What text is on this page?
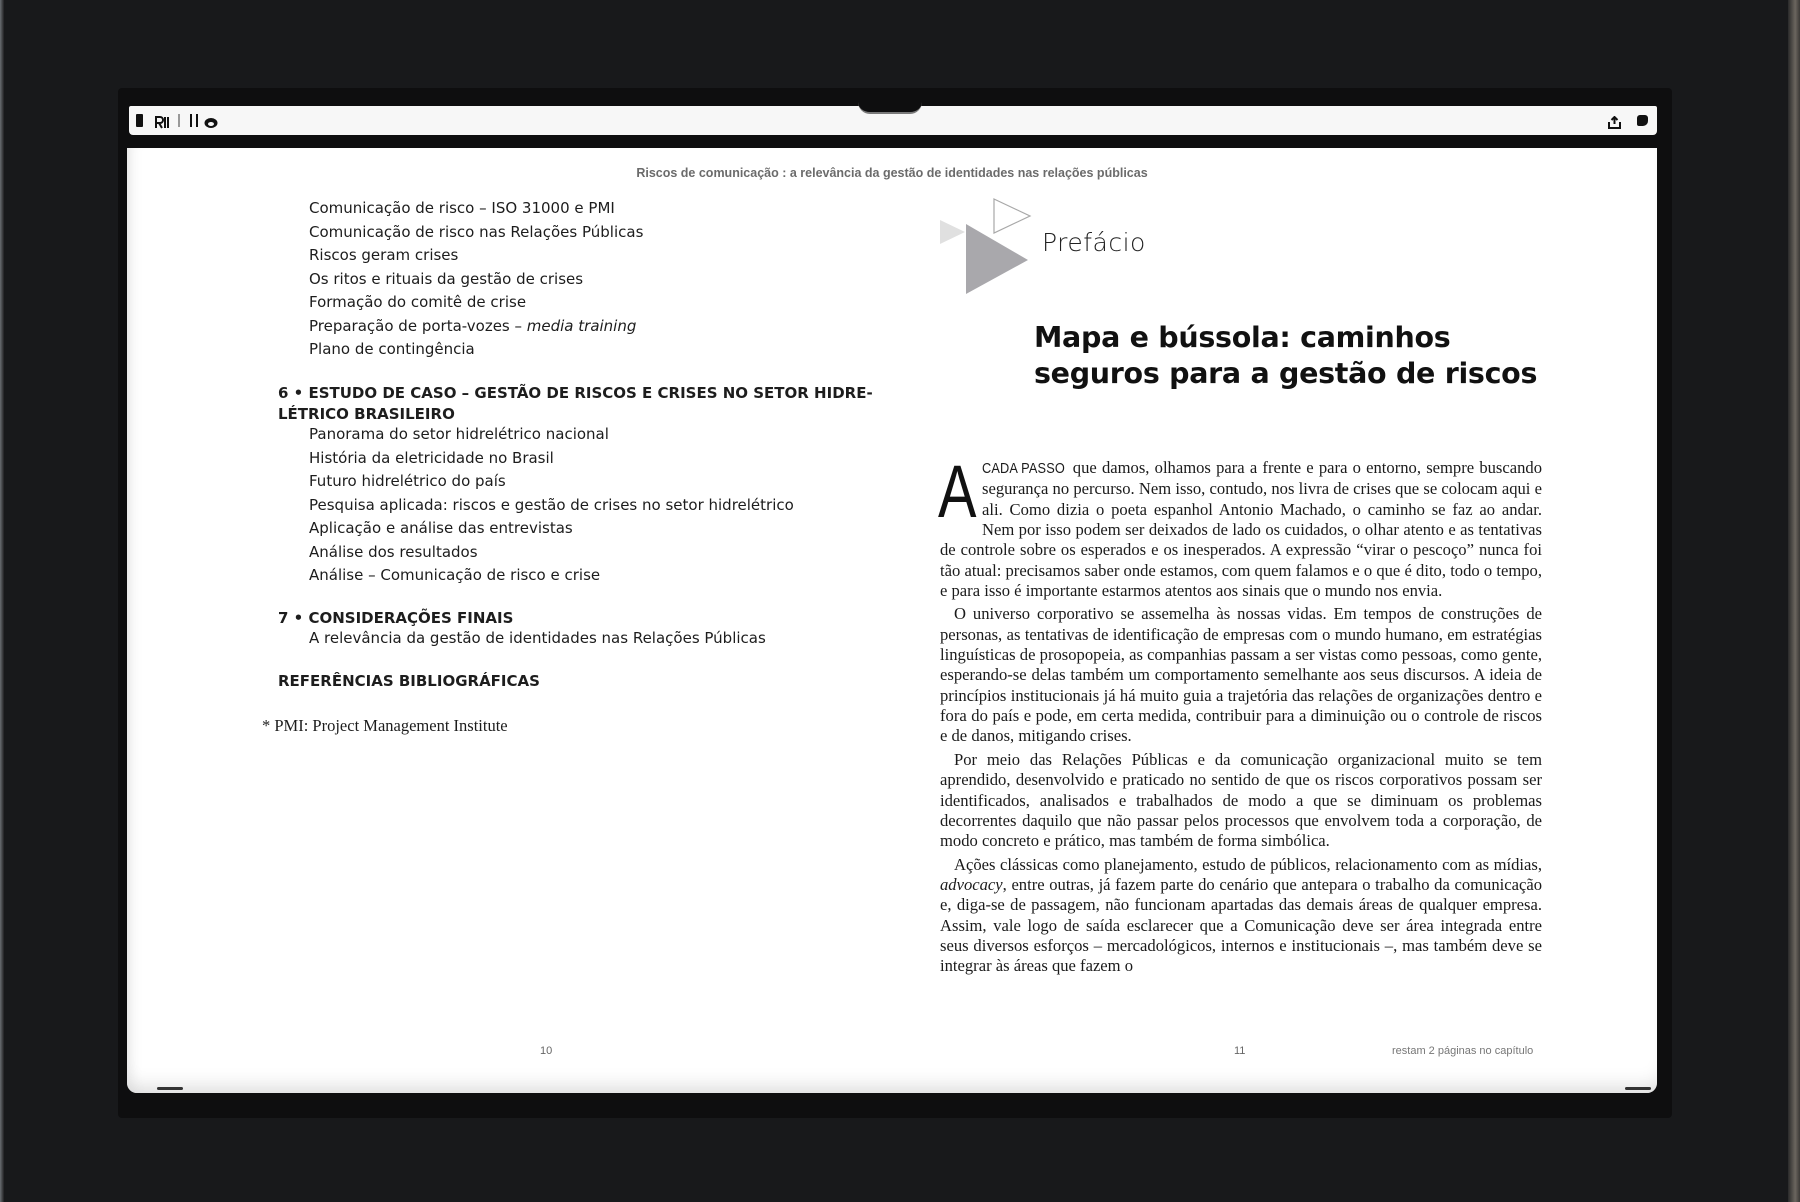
Riscos de comunicação : a relevância da gestão de identidades nas relações públicas
Comunicação de risco – ISO 31000 e PMI
Comunicação de risco nas Relações Públicas
Riscos geram crises
Os ritos e rituais da gestão de crises
Formação do comitê de crise
Preparação de porta-vozes – media training
Plano de contingência
6 • ESTUDO DE CASO – GESTÃO DE RISCOS E CRISES NO SETOR HIDRE-
LÉTRICO BRASILEIRO
Panorama do setor hidrelétrico nacional
História da eletricidade no Brasil
Futuro hidrelétrico do país
Pesquisa aplicada: riscos e gestão de crises no setor hidrelétrico
Aplicação e análise das entrevistas
Análise dos resultados
Análise – Comunicação de risco e crise
7 • CONSIDERAÇÕES FINAIS
A relevância da gestão de identidades nas Relações Públicas
REFERÊNCIAS BIBLIOGRÁFICAS
* PMI: Project Management Institute
10
Prefácio
Mapa e bússola: caminhos seguros para a gestão de riscos

A CADA PASSO que damos, olhamos para a frente e para o entorno, sempre buscando segurança no percurso. Nem isso, contudo, nos livra de crises que se colocam aqui e ali. Como dizia o poeta espanhol Antonio Machado, o caminho se faz ao andar. Nem por isso podem ser deixados de lado os cuidados, o olhar atento e as tentativas de controle sobre os esperados e os inesperados. A expressão “virar o pescoço” nunca foi tão atual: precisamos saber onde estamos, com quem falamos e o que é dito, todo o tempo, e para isso é importante estarmos atentos aos sinais que o mundo nos envia.

O universo corporativo se assemelha às nossas vidas. Em tempos de construções de personas, as tentativas de identificação de empresas com o mundo humano, em estratégias linguísticas de prosopopeia, as companhias passam a ser vistas como pessoas, como gente, esperando-se delas também um comportamento semelhante aos seus discursos. A ideia de princípios institucionais já há muito guia a trajetória das relações de organizações dentro e fora do país e pode, em certa medida, contribuir para a diminuição ou o controle de riscos e de danos, mitigando crises.

Por meio das Relações Públicas e da comunicação organizacional muito se tem aprendido, desenvolvido e praticado no sentido de que os riscos corporativos possam ser identificados, analisados e trabalhados de modo a que se diminuam os problemas decorrentes daquilo que não passar pelos processos que envolvem toda a corporação, de modo concreto e prático, mas também de forma simbólica.

Ações clássicas como planejamento, estudo de públicos, relacionamento com as mídias, advocacy, entre outras, já fazem parte do cenário que antepara o trabalho da comunicação e, diga-se de passagem, não funcionam apartadas das demais áreas de qualquer empresa. Assim, vale logo de saída esclarecer que a Comunicação deve ser área integrada entre seus diversos esforços – mercadológicos, internos e institucionais –, mas também deve se integrar às áreas que fazem o

11	restam 2 páginas no capítulo
